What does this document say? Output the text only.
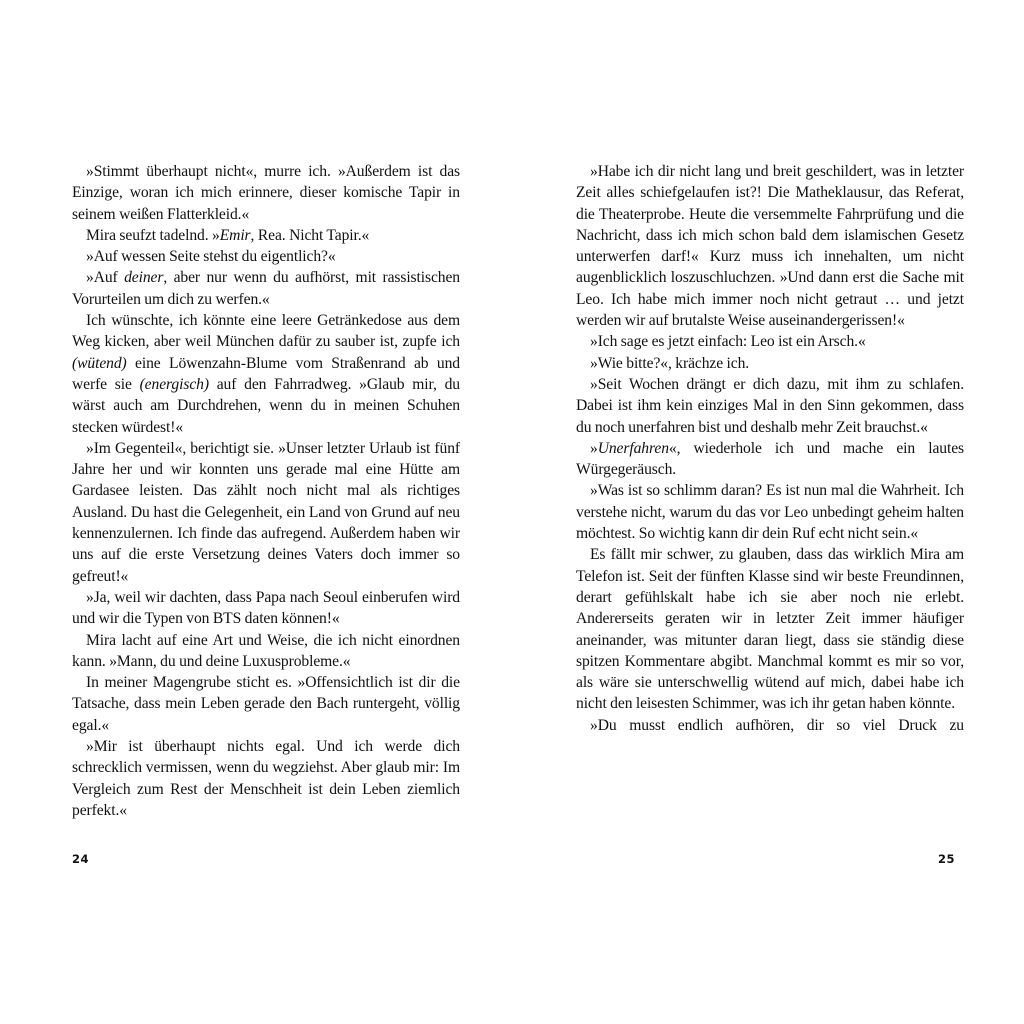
»Stimmt überhaupt nicht«, murre ich. »Außerdem ist das Einzige, woran ich mich erinnere, dieser komische Tapir in seinem weißen Flatterkleid.«

Mira seufzt tadelnd. »Emir, Rea. Nicht Tapir.«

»Auf wessen Seite stehst du eigentlich?«

»Auf deiner, aber nur wenn du aufhörst, mit rassistischen Vorurteilen um dich zu werfen.«

Ich wünschte, ich könnte eine leere Getränkedose aus dem Weg kicken, aber weil München dafür zu sauber ist, zupfe ich (wütend) eine Löwenzahn-Blume vom Straßenrand ab und werfe sie (energisch) auf den Fahrradweg. »Glaub mir, du wärst auch am Durchdrehen, wenn du in meinen Schuhen stecken würdest!«

»Im Gegenteil«, berichtigt sie. »Unser letzter Urlaub ist fünf Jahre her und wir konnten uns gerade mal eine Hütte am Gardasee leisten. Das zählt noch nicht mal als richtiges Ausland. Du hast die Gelegenheit, ein Land von Grund auf neu kennenzulernen. Ich finde das aufregend. Außerdem haben wir uns auf die erste Versetzung deines Vaters doch immer so gefreut!«

»Ja, weil wir dachten, dass Papa nach Seoul einberufen wird und wir die Typen von BTS daten können!«

Mira lacht auf eine Art und Weise, die ich nicht einordnen kann. »Mann, du und deine Luxusprobleme.«

In meiner Magengrube sticht es. »Offensichtlich ist dir die Tatsache, dass mein Leben gerade den Bach runtergeht, völlig egal.«

»Mir ist überhaupt nichts egal. Und ich werde dich schrecklich vermissen, wenn du wegziehst. Aber glaub mir: Im Vergleich zum Rest der Menschheit ist dein Leben ziemlich perfekt.«

24

»Habe ich dir nicht lang und breit geschildert, was in letzter Zeit alles schiefgelaufen ist?! Die Matheklausur, das Referat, die Theaterprobe. Heute die versemmelte Fahrprüfung und die Nachricht, dass ich mich schon bald dem islamischen Gesetz unterwerfen darf!« Kurz muss ich innehalten, um nicht augenblicklich loszuschluchzen. »Und dann erst die Sache mit Leo. Ich habe mich immer noch nicht getraut … und jetzt werden wir auf brutalste Weise auseinandergerissen!«

»Ich sage es jetzt einfach: Leo ist ein Arsch.«

»Wie bitte?«, krächze ich.

»Seit Wochen drängt er dich dazu, mit ihm zu schlafen. Dabei ist ihm kein einziges Mal in den Sinn gekommen, dass du noch unerfahren bist und deshalb mehr Zeit brauchst.«

»Unerfahren«, wiederhole ich und mache ein lautes Würgegeräusch.

»Was ist so schlimm daran? Es ist nun mal die Wahrheit. Ich verstehe nicht, warum du das vor Leo unbedingt geheim halten möchtest. So wichtig kann dir dein Ruf echt nicht sein.«

Es fällt mir schwer, zu glauben, dass das wirklich Mira am Telefon ist. Seit der fünften Klasse sind wir beste Freundinnen, derart gefühlskalt habe ich sie aber noch nie erlebt. Andererseits geraten wir in letzter Zeit immer häufiger aneinander, was mitunter daran liegt, dass sie ständig diese spitzen Kommentare abgibt. Manchmal kommt es mir so vor, als wäre sie unterschwellig wütend auf mich, dabei habe ich nicht den leisesten Schimmer, was ich ihr getan haben könnte.

»Du musst endlich aufhören, dir so viel Druck zu

25
